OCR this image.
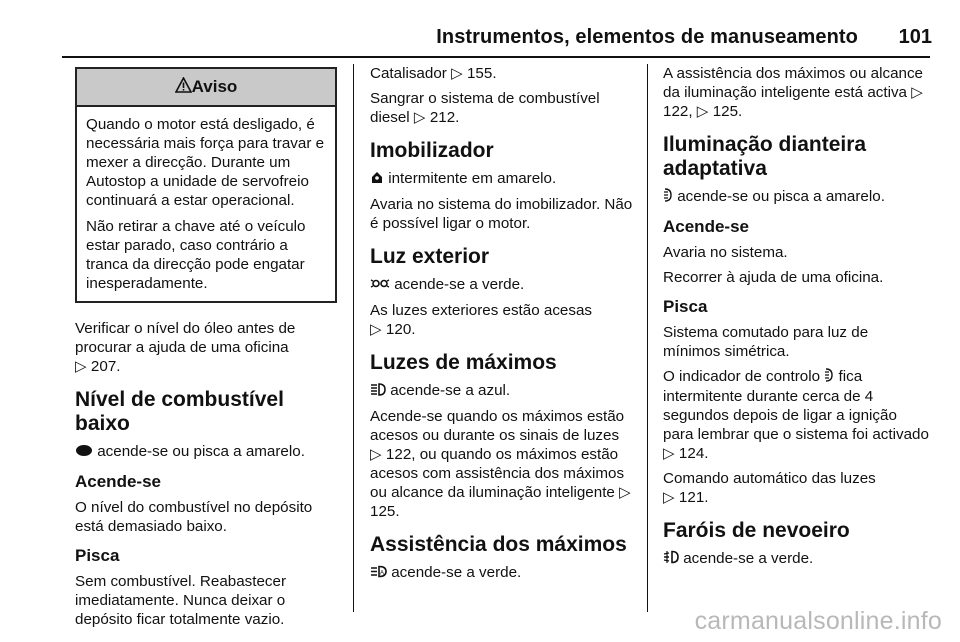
Instrumentos, elementos de manuseamento 101
Aviso

Quando o motor está desligado, é necessária mais força para travar e mexer a direcção. Durante um Autostop a unidade de servofreio continuará a estar operacional.

Não retirar a chave até o veículo estar parado, caso contrário a tranca da direcção pode engatar inesperadamente.

Verificar o nível do óleo antes de procurar a ajuda de uma oficina
▷ 207.

Nível de combustível baixo

acende-se ou pisca a amarelo.

Acende-se

O nível do combustível no depósito está demasiado baixo.

Pisca

Sem combustível. Reabastecer imediatamente. Nunca deixar o depósito ficar totalmente vazio.

Catalisador ▷ 155.

Sangrar o sistema de combustível diesel ▷ 212.

Imobilizador

intermitente em amarelo.

Avaria no sistema do imobilizador. Não é possível ligar o motor.

Luz exterior

acende-se a verde.

As luzes exteriores estão acesas
▷ 120.

Luzes de máximos

acende-se a azul.

Acende-se quando os máximos estão acesos ou durante os sinais de luzes ▷ 122, ou quando os máximos estão acesos com assistência dos máximos ou alcance da iluminação inteligente ▷ 125.

Assistência dos máximos

A acende-se a verde.

A assistência dos máximos ou alcance da iluminação inteligente está activa ▷ 122, ▷ 125.

Iluminação dianteira adaptativa

acende-se ou pisca a amarelo.

Acende-se

Avaria no sistema.

Recorrer à ajuda de uma oficina.

Pisca

Sistema comutado para luz de mínimos simétrica.

O indicador de controlo fica intermitente durante cerca de 4 segundos depois de ligar a ignição para lembrar que o sistema foi activado ▷ 124.

Comando automático das luzes
▷ 121.

Faróis de nevoeiro

acende-se a verde.

carmanualsonline.info
